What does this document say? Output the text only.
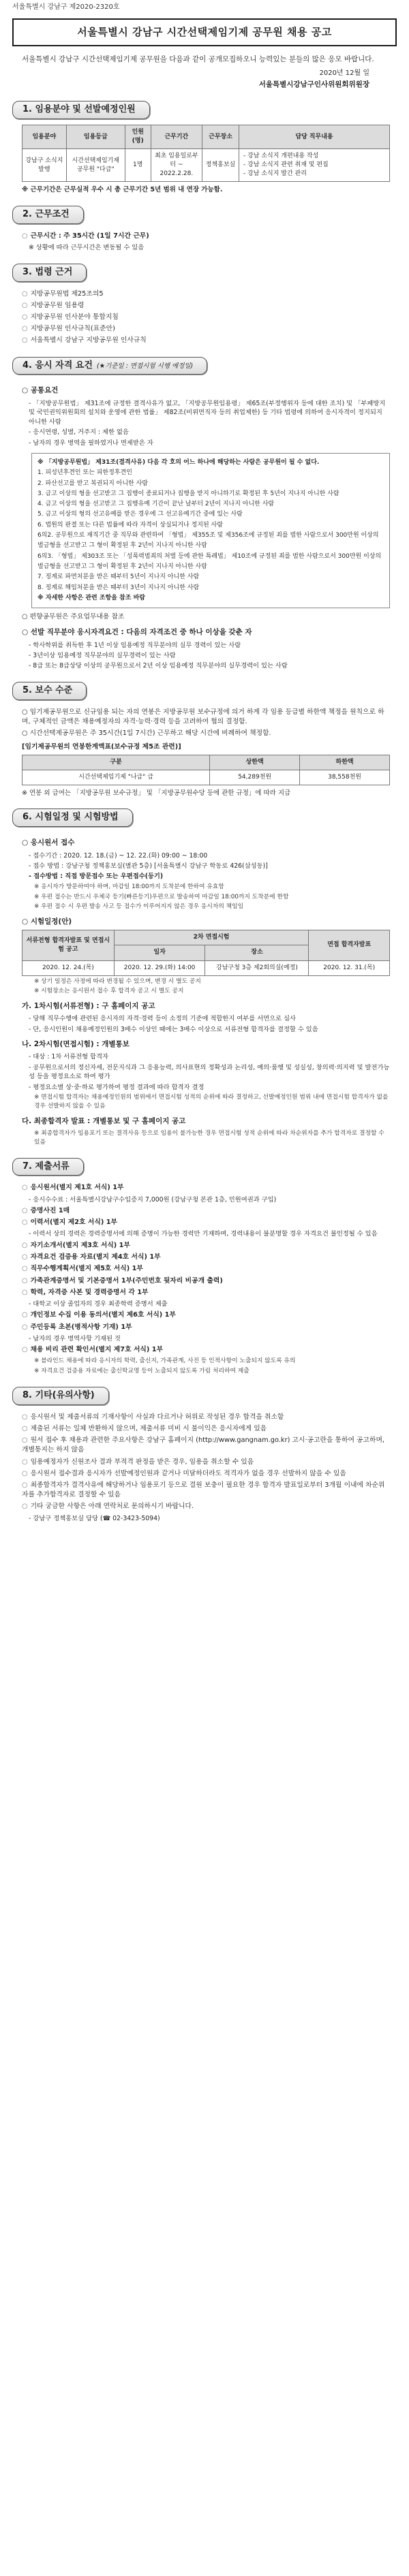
서울특별시 강남구 제2020-2320호
서울특별시 강남구 시간선택제임기제 공무원 채용 공고
서울특별시 강남구 시간선택제임기제 공무원을 다음과 같이 공개모집하오니 능력있는 분들의 많은 응모 바랍니다.
2020년 12월 일
서울특별시강남구인사위원회위원장
1. 임용분야 및 선발예정인원
임용분야	임용등급	인원(명)	근무기간	근무장소	담당 직무내용
강남구 소식지 발행	시간선택제임기제 공무원 "다급"	1명	최초 임용일로부터 ~ 2022.2.28.	정책홍보실	- 강남 소식지 개편내용 작성
- 강남 소식지 관련 취재 및 편집
- 강남 소식지 발간 관리
※ 근무기간은 근무실적 우수 시 총 근무기간 5년 범위 내 연장 가능함.
2. 근무조건
○ 근무시간 : 주 35시간 (1일 7시간 근무)
※ 상황에 따라 근무시간은 변동될 수 있음
3. 법령 근거
○ 지방공무원법 제25조의5
○ 지방공무원 임용령
○ 지방공무원 인사분야 통합지침
○ 지방공무원 인사규칙(표준안)
○ 서울특별시 강남구 지방공무원 인사규칙
4. 응시 자격 요건 (★기준일 : 면접시험 시행 예정일)
○ 공통요건
- 「지방공무원법」 제31조에 규정한 결격사유가 없고, 「지방공무원임용령」 제65조(부정행위자 등에 대한 조치) 및 「부패방지 및 국민권익위원회의 설치와 운영에 관한 법률」 제82조(비위면직자 등의 취업제한) 등 기타 법령에 의하여 응시자격이 정지되지 아니한 사람
- 응시연령, 성별, 거주지 : 제한 없음
- 남자의 경우 병역을 필하였거나 면제받은 자
※ 「지방공무원법」 제31조(결격사유) 다음 각 호의 어느 하나에 해당하는 사람은 공무원이 될 수 없다.
1. 피성년후견인 또는 피한정후견인
2. 파산선고를 받고 복권되지 아니한 사람
3. 금고 이상의 형을 선고받고 그 집행이 종료되거나 집행을 받지 아니하기로 확정된 후 5년이 지나지 아니한 사람
4. 금고 이상의 형을 선고받고 그 집행유예 기간이 끝난 날부터 2년이 지나지 아니한 사람
5. 금고 이상의 형의 선고유예를 받은 경우에 그 선고유예기간 중에 있는 사람
6. 법원의 판결 또는 다른 법률에 따라 자격이 상실되거나 정지된 사람
6의2. 공무원으로 재직기간 중 직무와 관련하여 「형법」 제355조 및 제356조에 규정된 죄를 범한 사람으로서 300만원 이상의 벌금형을 선고받고 그 형이 확정된 후 2년이 지나지 아니한 사람
6의3. 「형법」 제303조 또는 「성폭력범죄의 처벌 등에 관한 특례법」 제10조에 규정된 죄를 범한 사람으로서 300만원 이상의 벌금형을 선고받고 그 형이 확정된 후 2년이 지나지 아니한 사람
7. 징계로 파면처분을 받은 때부터 5년이 지나지 아니한 사람
8. 징계로 해임처분을 받은 때부터 3년이 지나지 아니한 사람
※ 자세한 사항은 관련 조항을 참조 바람
○ 편향공무원은 주요업무내용 참조
○ 선발 직무분야 응시자격요건 : 다음의 자격조건 중 하나 이상을 갖춘 자
- 학사학위를 취득한 후 1년 이상 임용예정 직무분야의 실무 경력이 있는 사람
- 3년이상 임용예정 직무분야의 실무경력이 있는 사람
- 8급 또는 8급상당 이상의 공무원으로서 2년 이상 임용예정 직무분야의 실무경력이 있는 사람
5. 보수 수준
○ 임기제공무원으로 신규임용 되는 자의 연봉은 지방공무원 보수규정에 의거 하계 각 임용 등급별 하한액 책정을 원칙으로 하며, 구체적인 금액은 채용예정자의 자격·능력·경력 등을 고려하여 협의 결정함.
○ 시간선택제공무원은 주 35시간(1일 7시간) 근무하고 해당 시간에 비례하여 책정함.
[임기제공무원의 연봉한계액표(보수규정 제5조 관련)]
구분	상한액	하한액
시간선택제임기제 "나급" 급	54,289천원	38,558천원
※ 연봉 외 급여는 「지방공무원 보수규정」 및 「지방공무원수당 등에 관한 규정」에 따라 지급
6. 시험일정 및 시험방법
○ 응시원서 접수
- 접수기간 : 2020. 12. 18.(금) ~ 12. 22.(화) 09:00 ~ 18:00
- 접수 방법 : 강남구청 정책홍보실(별관 5층) [서울특별시 강남구 학동로 426(삼성동)]
- 접수방법 : 직접 방문접수 또는 우편접수(등기)
※ 응시자가 방문하여야 하며, 마감일 18:00까지 도착분에 한하여 유효함
※ 우편 접수는 반드시 우체국 등기(빠른등기)우편으로 발송하여 마감일 18:00까지 도착분에 한함
※ 우편 접수 시 우편 발송 사고 등 접수가 이루어지지 않은 경우 응시자의 책임임
○ 시험일정(안)
서류전형 합격자발표 및 면접시험 공고	2차 면접시험		면접 합격자발표
	일자	장소	
2020. 12. 24.(목)	2020. 12. 29.(화) 14:00	강남구청 3층 제2회의실(예정)	2020. 12. 31.(목)
※ 상기 일정은 사정에 따라 변경될 수 있으며, 변경 시 별도 공지
※ 시험장소는 응시원서 접수 후 합격자 공고 시 별도 공지
가. 1차시험(서류전형) : 구 홈페이지 공고
- 당해 직무수행에 관련된 응시자의 자격·경력 등이 소정의 기준에 적합한지 여부를 서면으로 심사
- 단, 응시인원이 채용예정인원의 3배수 이상인 때에는 3배수 이상으로 서류전형 합격자를 결정할 수 있음
나. 2차시험(면접시험) : 개별통보
- 대상 : 1차 서류전형 합격자
- 공무원으로서의 정신자세, 전문지식과 그 응용능력, 의사표현의 정확성과 논리성, 예의·품행 및 성실성, 창의력·의지력 및 발전가능성 등을 평정요소로 하여 평가
- 평정요소별 상·중·하로 평가하여 평정 결과에 따라 합격자 결정
※ 면접시험 합격자는 채용예정인원의 범위에서 면접시험 성적의 순위에 따라 결정하고, 선발예정인원 범위 내에 면접시험 합격자가 없을 경우 선발하지 않을 수 있음
다. 최종합격자 발표 : 개별통보 및 구 홈페이지 공고
※ 최종합격자가 임용포기 또는 결격사유 등으로 임용이 불가능한 경우 면접시험 성적 순위에 따라 차순위자를 추가 합격자로 결정할 수 있음
7. 제출서류
○ 응시원서(별지 제1호 서식) 1부
- 응시수수료 : 서울특별시강남구수입증지 7,000원 (강남구청 본관 1층, 민원여권과 구입)
○ 증명사진 1매
○ 이력서(별지 제2호 서식) 1부
- 이력서 상의 경력은 경력증명서에 의해 증명이 가능한 경력만 기재하며, 경력내용이 불분명할 경우 자격요건 불인정될 수 있음
○ 자기소개서(별지 제3호 서식) 1부
○ 자격요건 검증용 자료(별지 제4호 서식) 1부
○ 직무수행계획서(별지 제5호 서식) 1부
○ 가족관계증명서 및 기본증명서 1부(주민번호 뒷자리 비공개 출력)
○ 학력, 자격증 사본 및 경력증명서 각 1부
- 대학교 이상 졸업자의 경우 최종학력 증명서 제출
○ 개인정보 수집 이용 동의서(별지 제6호 서식) 1부
○ 주민등록 초본(병적사항 기재) 1부
- 남자의 경우 병역사항 기재된 것
○ 채용 비리 관련 확인서(별지 제7호 서식) 1부
※ 블라인드 채용에 따라 응시자의 학력, 출신지, 가족관계, 사진 등 인적사항이 노출되지 않도록 유의
※ 자격요건 검증용 자료에는 출신학교명 등이 노출되지 않도록 가림 처리하여 제출
8. 기타(유의사항)
○ 응시원서 및 제출서류의 기재사항이 사실과 다르거나 허위로 작성된 경우 합격을 취소함
○ 제출된 서류는 일체 반환하지 않으며, 제출서류 미비 시 불이익은 응시자에게 있음
○ 원서 접수 후 채용과 관련한 주요사항은 강남구 홈페이지 (http://www.gangnam.go.kr) 고시·공고란을 통하여 공고하며, 개별통지는 하지 않음
○ 임용예정자가 신원조사 결과 부적격 판정을 받은 경우, 임용을 취소할 수 있음
○ 응시원서 접수결과 응시자가 선발예정인원과 같거나 미달하더라도 적격자가 없을 경우 선발하지 않을 수 있음
○ 최종합격자가 결격사유에 해당하거나 임용포기 등으로 결원 보충이 필요한 경우 합격자 발표일로부터 3개월 이내에 차순위자를 추가합격자로 결정할 수 있음
○ 기타 궁금한 사항은 아래 연락처로 문의하시기 바랍니다.
- 강남구 정책홍보실 담당 (☎ 02-3423-5094)
